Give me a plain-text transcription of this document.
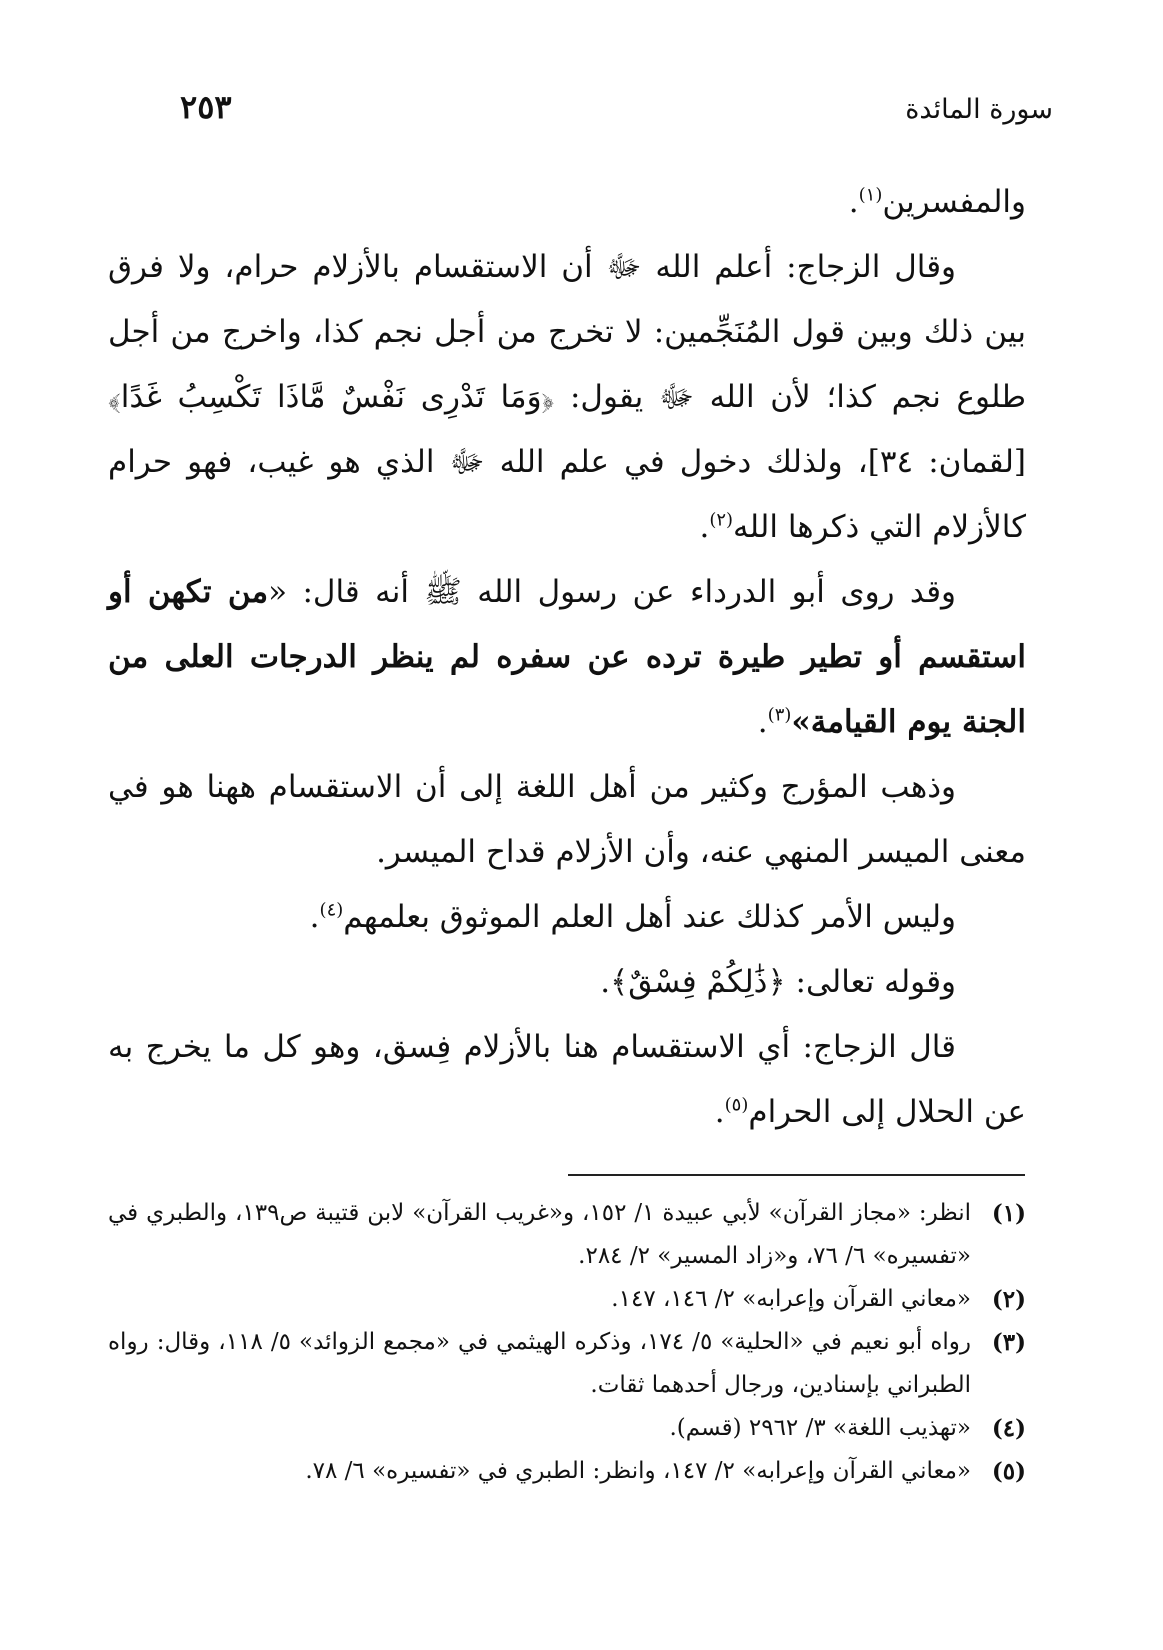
سورة المائدة
٢٥٣

والمفسرين$^{(١)}$.

وقال الزجاج: أعلم الله ﷻ أن الاستقسام بالأزلام حرام، ولا فرق بين ذلك وبين قول المُنَجِّمين: لا تخرج من أجل نجم كذا، واخرج من أجل طلوع نجم كذا؛ لأن الله ﷻ يقول: ﴿وَمَا تَدْرِى نَفْسٌ مَّاذَا تَكْسِبُ غَدًا﴾ [لقمان: ٣٤]، ولذلك دخول في علم الله ﷻ الذي هو غيب، فهو حرام كالأزلام التي ذكرها الله$^{(٢)}$.

وقد روى أبو الدرداء عن رسول الله ﷺ أنه قال: «من تكهن أو استقسم أو تطير طيرة ترده عن سفره لم ينظر الدرجات العلى من الجنة يوم القيامة»$^{(٣)}$.

وذهب المؤرج وكثير من أهل اللغة إلى أن الاستقسام ههنا هو في معنى الميسر المنهي عنه، وأن الأزلام قداح الميسر.

وليس الأمر كذلك عند أهل العلم الموثوق بعلمهم$^{(٤)}$.

وقوله تعالى: ﴿ذَٰلِكُمْ فِسْقٌ﴾.

قال الزجاج: أي الاستقسام هنا بالأزلام فِسق، وهو كل ما يخرج به عن الحلال إلى الحرام$^{(٥)}$.

(١)
انظر: «مجاز القرآن» لأبي عبيدة ١/ ١٥٢، و«غريب القرآن» لابن قتيبة ص١٣٩، والطبري في «تفسيره» ٦/ ٧٦، و«زاد المسير» ٢/ ٢٨٤.
(٢)
«معاني القرآن وإعرابه» ٢/ ١٤٦، ١٤٧.
(٣)
رواه أبو نعيم في «الحلية» ٥/ ١٧٤، وذكره الهيثمي في «مجمع الزوائد» ٥/ ١١٨، وقال: رواه الطبراني بإسنادين، ورجال أحدهما ثقات.
(٤)
«تهذيب اللغة» ٣/ ٢٩٦٢ (قسم).
(٥)
«معاني القرآن وإعرابه» ٢/ ١٤٧، وانظر: الطبري في «تفسيره» ٦/ ٧٨.
